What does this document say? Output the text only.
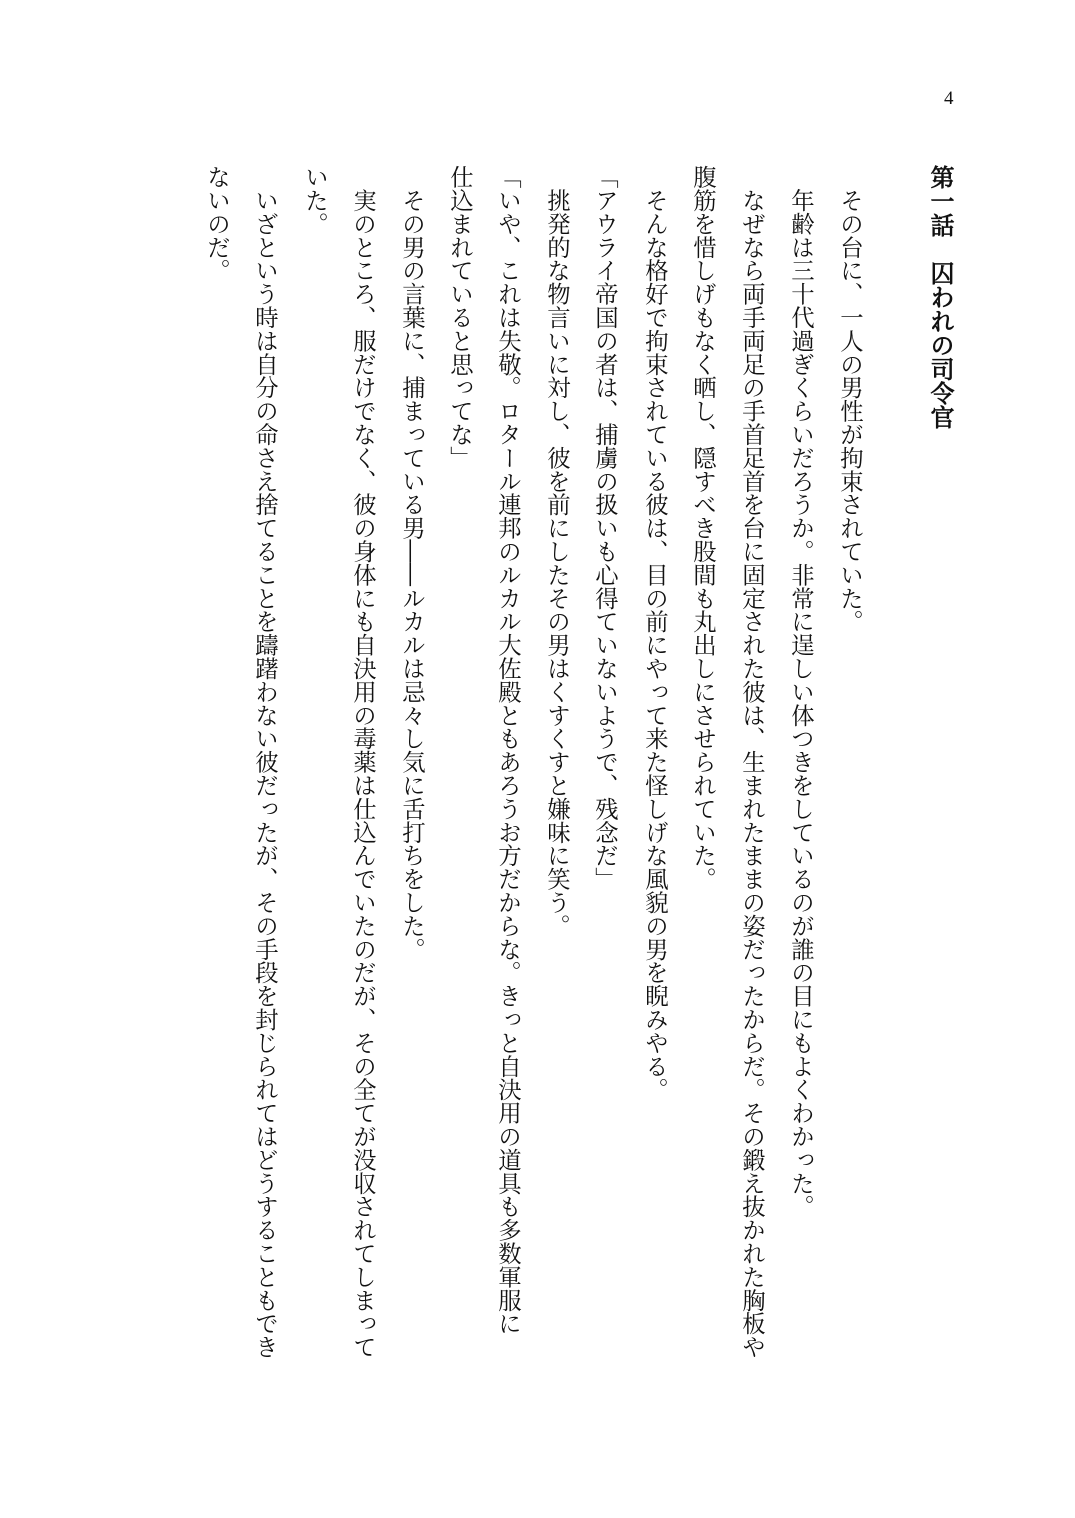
4
第一話　囚われの司令官
　その台に、一人の男性が拘束されていた。
　年齢は三十代過ぎくらいだろうか。非常に逞しい体つきをしているのが誰の目にもよくわかった。
　なぜなら両手両足の手首足首を台に固定された彼は、生まれたままの姿だったからだ。その鍛え抜かれた胸板や
腹筋を惜しげもなく晒し、隠すべき股間も丸出しにさせられていた。
　そんな格好で拘束されている彼は、目の前にやって来た怪しげな風貌の男を睨みやる。
「アウライ帝国の者は、捕虜の扱いも心得ていないようで、残念だ」
　挑発的な物言いに対し、彼を前にしたその男はくすくすと嫌味に笑う。
「いや、これは失敬。ロタール連邦のルカル大佐殿ともあろうお方だからな。きっと自決用の道具も多数軍服に
仕込まれていると思ってな」
　その男の言葉に、捕まっている男――ルカルは忌々し気に舌打ちをした。
　実のところ、服だけでなく、彼の身体にも自決用の毒薬は仕込んでいたのだが、その全てが没収されてしまって
いた。
　いざという時は自分の命さえ捨てることを躊躇わない彼だったが、その手段を封じられてはどうすることもでき
ないのだ。
